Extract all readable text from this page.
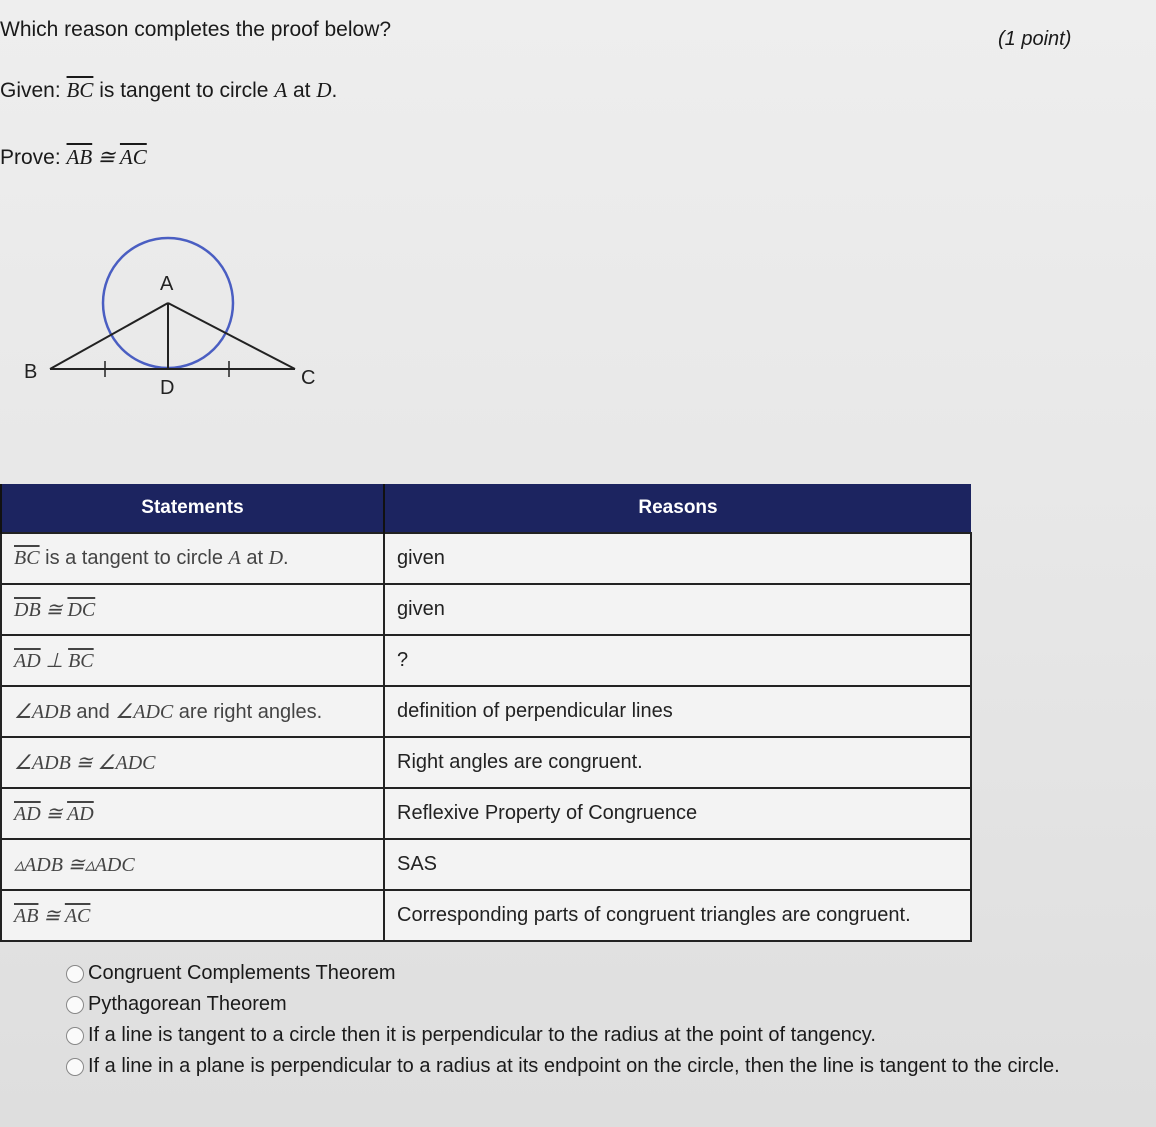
Which reason completes the proof below?	(1 point)
Given: $\overline{BC}$ is tangent to circle A at D.
Prove: $\overline{AB}$ ≅ $\overline{AC}$
A
B	C
D
Statements	Reasons
$\overline{BC}$ is a tangent to circle A at D.	given
$\overline{DB}$ ≅ $\overline{DC}$	given
$\overline{AD}$ ⊥ $\overline{BC}$	?
∠ADB and ∠ADC are right angles.	definition of perpendicular lines
∠ADB ≅ ∠ADC	Right angles are congruent.
$\overline{AD}$ ≅ $\overline{AD}$	Reflexive Property of Congruence
▵ADB ≅▵ADC	SAS
$\overline{AB}$ ≅ $\overline{AC}$	Corresponding parts of congruent triangles are congruent.
Congruent Complements Theorem
Pythagorean Theorem
If a line is tangent to a circle then it is perpendicular to the radius at the point of tangency.
If a line in a plane is perpendicular to a radius at its endpoint on the circle, then the line is tangent to the circle.
